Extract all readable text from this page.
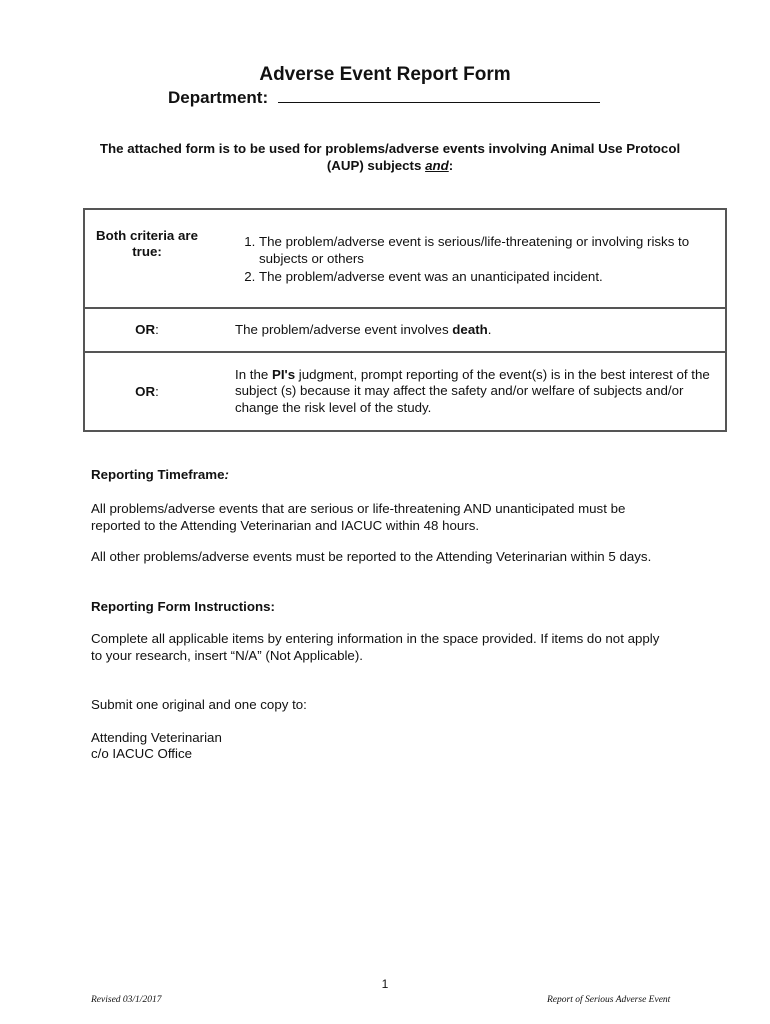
Adverse Event Report Form
Department:
The attached form is to be used for problems/adverse events involving Animal Use Protocol (AUP) subjects and:
Both criteria are true:
1. The problem/adverse event is serious/life-threatening or involving risks to subjects or others
2. The problem/adverse event was an unanticipated incident.
OR :	The problem/adverse event involves death.
OR :
In the PI's judgment, prompt reporting of the event(s) is in the best interest of the subject (s) because it may affect the safety and/or welfare of subjects and/or change the risk level of the study.
Reporting Timeframe:
All problems/adverse events that are serious or life-threatening AND unanticipated must be reported to the Attending Veterinarian and IACUC within 48 hours.
All other problems/adverse events must be reported to the Attending Veterinarian within 5 days.
Reporting Form Instructions:
Complete all applicable items by entering information in the space provided. If items do not apply to your research, insert “N/A” (Not Applicable).
Submit one original and one copy to:
Attending Veterinarian
c/o IACUC Office
1
Revised 03/1/2017	Report of Serious Adverse Event
